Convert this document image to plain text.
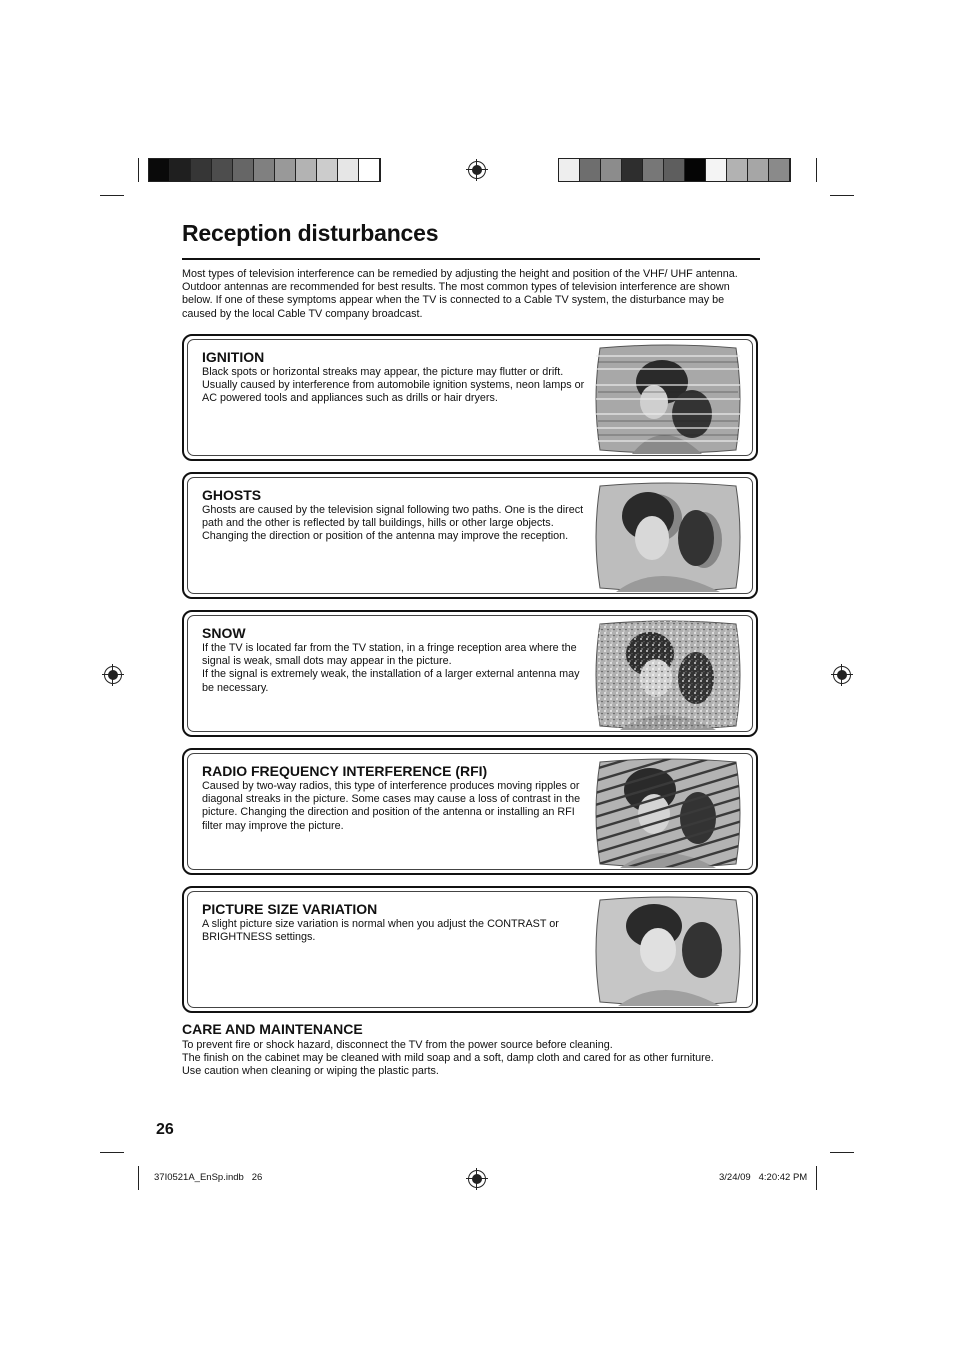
Reception disturbances

Most types of television interference can be remedied by adjusting the height and position of the VHF/ UHF antenna. Outdoor antennas are recommended for best results. The most common types of television interference are shown below. If one of these symptoms appear when the TV is connected to a Cable TV system, the disturbance may be caused by the local Cable TV company broadcast.

IGNITION

Black spots or horizontal streaks may appear, the picture may flutter or drift. Usually caused by interference from automobile ignition systems, neon lamps or AC powered tools and appliances such as drills or hair dryers.

GHOSTS

Ghosts are caused by the television signal following two paths. One is the direct path and the other is reflected by tall buildings, hills or other large objects. Changing the direction or position of the antenna may improve the reception.

SNOW

If the TV is located far from the TV station, in a fringe reception area where the signal is weak, small dots may appear in the picture.
If the signal is extremely weak, the installation of a larger external antenna may be necessary.

RADIO FREQUENCY INTERFERENCE (RFI)

Caused by two-way radios, this type of interference produces moving ripples or diagonal streaks in the picture. Some cases may cause a loss of contrast in the picture. Changing the direction and position of the antenna or installing an RFI filter may improve the picture.

PICTURE SIZE VARIATION

A slight picture size variation is normal when you adjust the CONTRAST or BRIGHTNESS settings.

CARE AND MAINTENANCE

To prevent fire or shock hazard, disconnect the TV from the power source before cleaning.
The finish on the cabinet may be cleaned with mild soap and a soft, damp cloth and cared for as other furniture.
Use caution when cleaning or wiping the plastic parts.

26
37I0521A_EnSp.indb   26	3/24/09   4:20:42 PM
